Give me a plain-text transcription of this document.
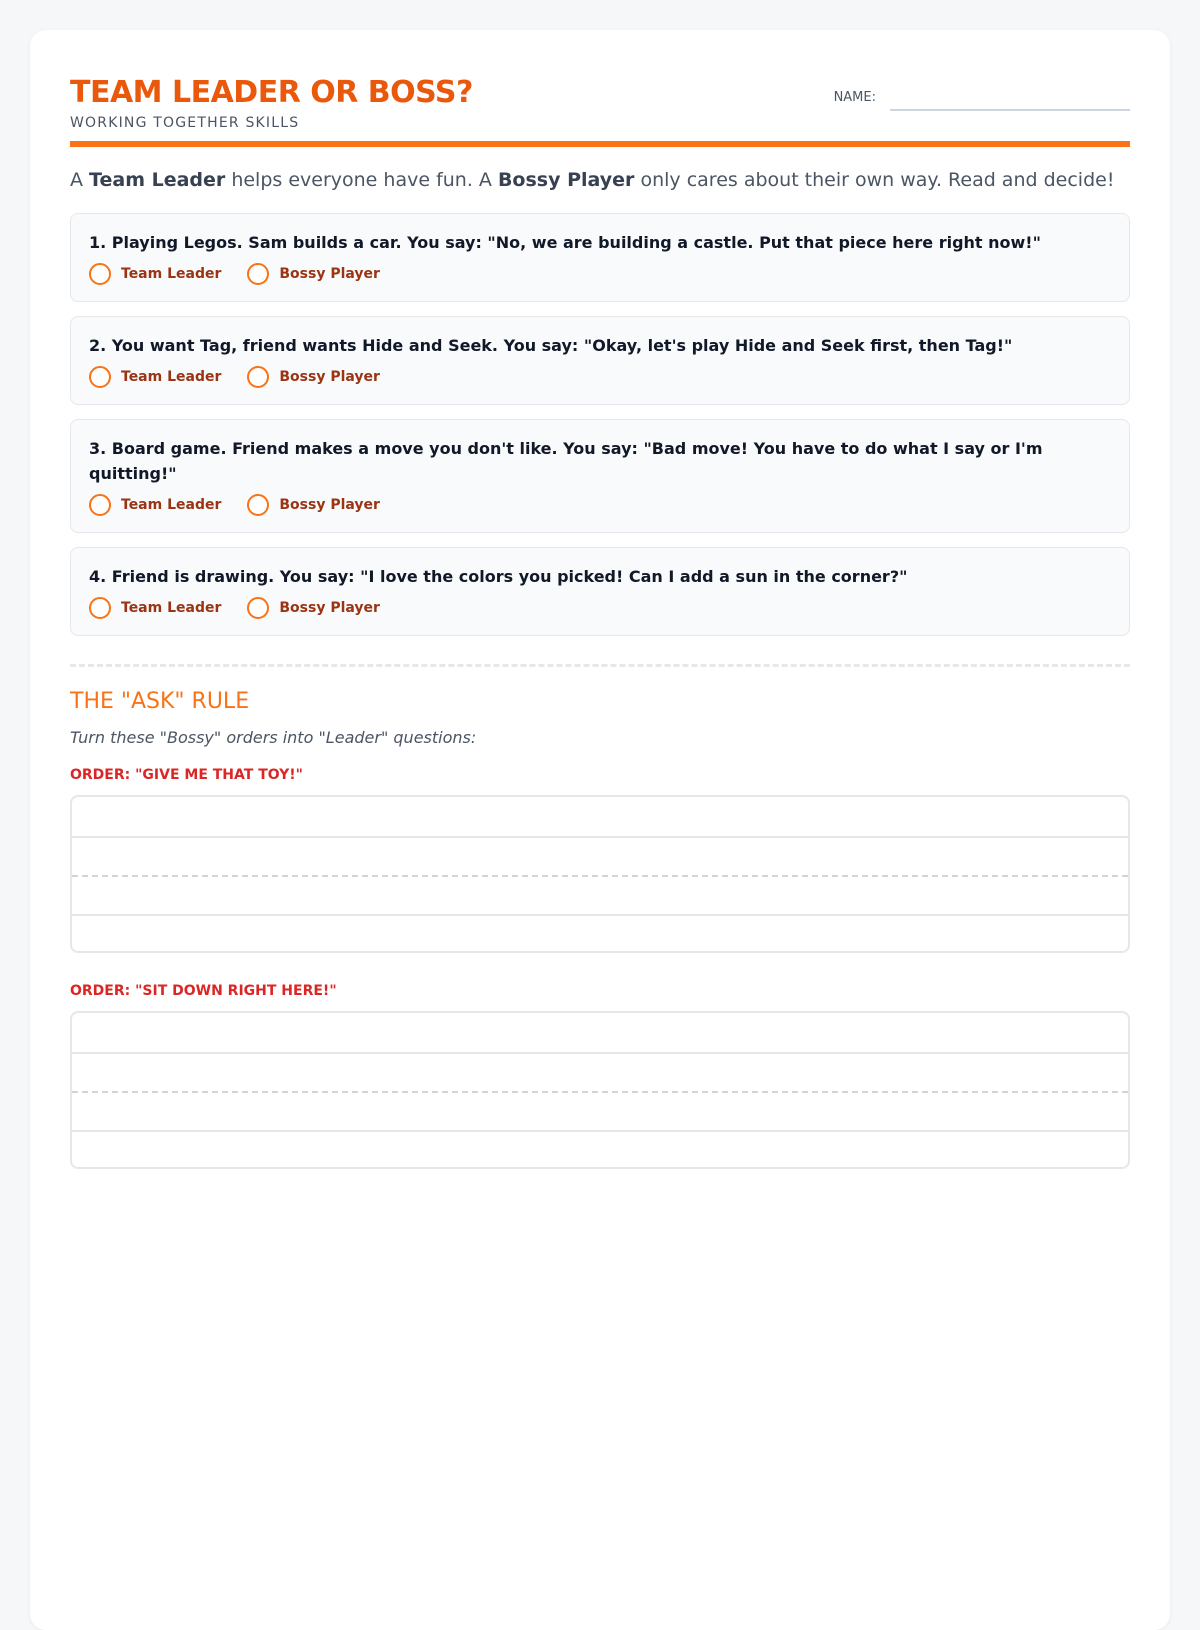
TEAM LEADER OR BOSS?
WORKING TOGETHER SKILLS
NAME:

A Team Leader helps everyone have fun. A Bossy Player only cares about their own way. Read and decide!

1. Playing Legos. Sam builds a car. You say: "No, we are building a castle. Put that piece here right now!"
Team Leader	Bossy Player
2. You want Tag, friend wants Hide and Seek. You say: "Okay, let's play Hide and Seek first, then Tag!"
Team Leader	Bossy Player
3. Board game. Friend makes a move you don't like. You say: "Bad move! You have to do what I say or I'm quitting!"
Team Leader	Bossy Player
4. Friend is drawing. You say: "I love the colors you picked! Can I add a sun in the corner?"
Team Leader	Bossy Player
THE "ASK" RULE
Turn these "Bossy" orders into "Leader" questions:
ORDER: "GIVE ME THAT TOY!"
ORDER: "SIT DOWN RIGHT HERE!"
